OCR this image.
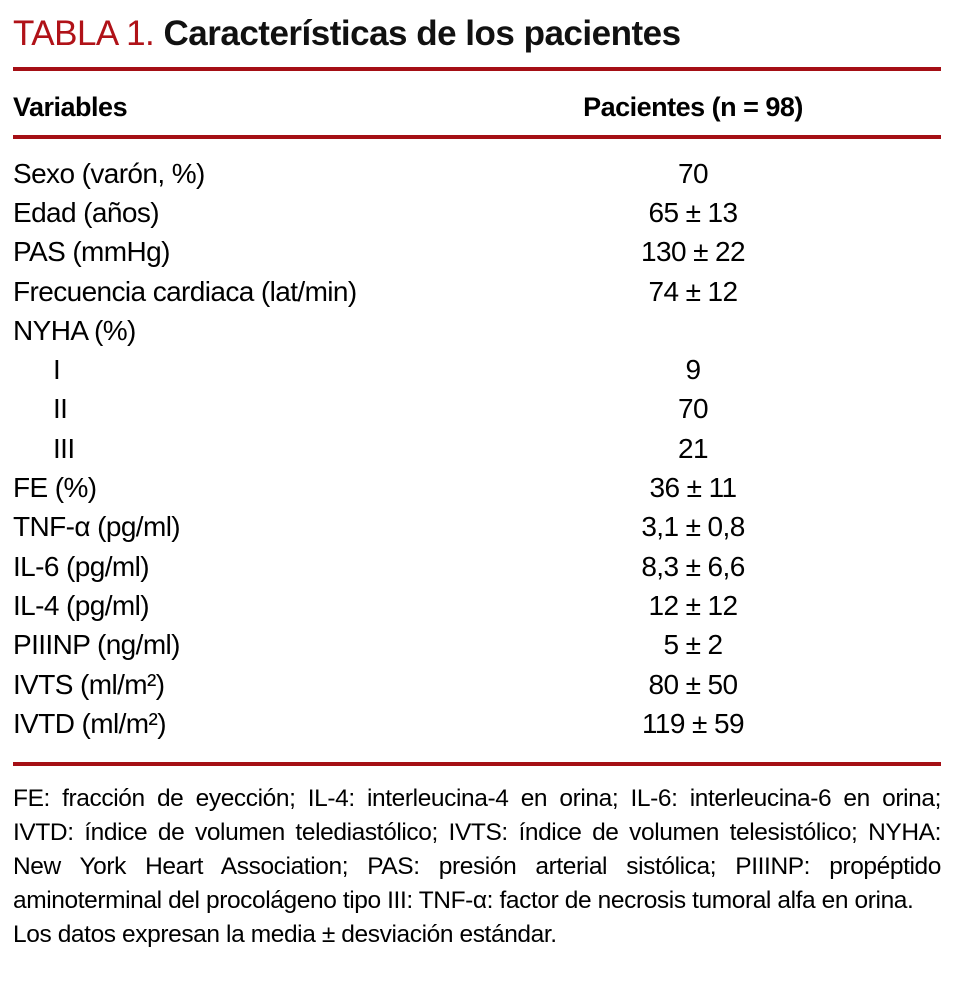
TABLA 1. Características de los pacientes
Variables	Pacientes (n = 98)
Sexo (varón, %)	70
Edad (años)	65 ± 13
PAS (mmHg)	130 ± 22
Frecuencia cardiaca (lat/min)	74 ± 12
NYHA (%)
I	9
II	70
III	21
FE (%)	36 ± 11
TNF-α (pg/ml)	3,1 ± 0,8
IL-6 (pg/ml)	8,3 ± 6,6
IL-4 (pg/ml)	12 ± 12
PIIINP (ng/ml)	5 ± 2
IVTS (ml/m²)	80 ± 50
IVTD (ml/m²)	119 ± 59
FE: fracción de eyección; IL-4: interleucina-4 en orina; IL-6: interleucina-6 en orina; IVTD: índice de volumen telediastólico; IVTS: índice de volumen telesistólico; NYHA: New York Heart Association; PAS: presión arterial sistólica; PIIINP: propéptido aminoterminal del procolágeno tipo III: TNF-α: factor de necrosis tumoral alfa en orina.
Los datos expresan la media ± desviación estándar.
